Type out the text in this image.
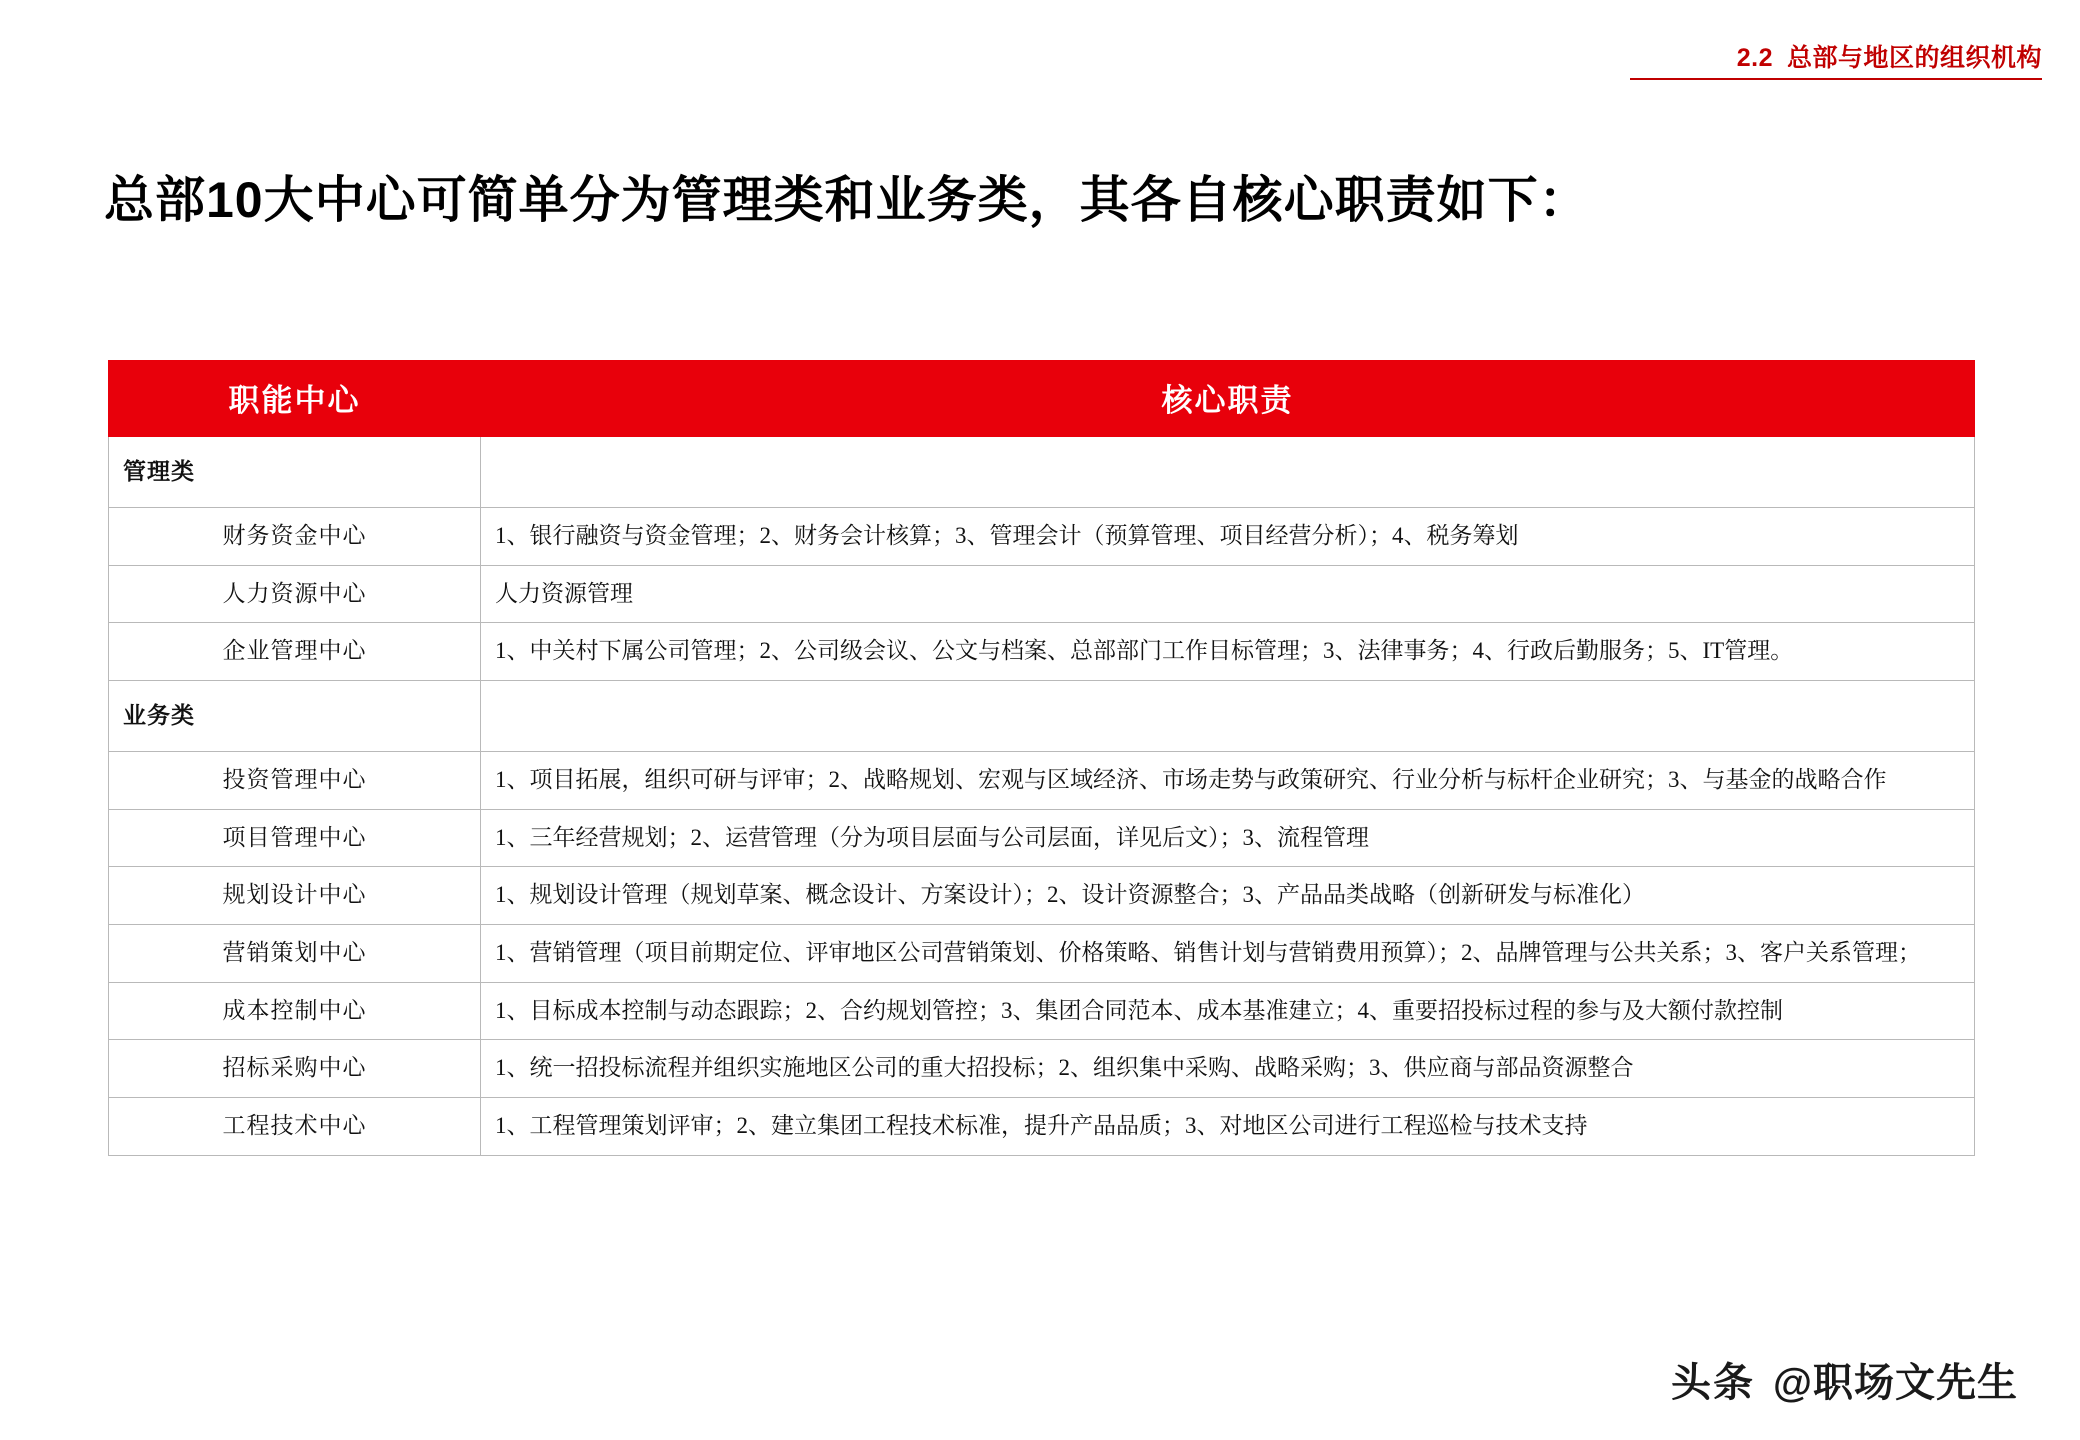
2.2 总部与地区的组织机构
总部10大中心可简单分为管理类和业务类，其各自核心职责如下：
职能中心	核心职责
管理类	
财务资金中心	1、银行融资与资金管理；2、财务会计核算；3、管理会计（预算管理、项目经营分析）；4、税务筹划
人力资源中心	人力资源管理
企业管理中心	1、中关村下属公司管理；2、公司级会议、公文与档案、总部部门工作目标管理；3、法律事务；4、行政后勤服务；5、IT管理。
业务类	
投资管理中心	1、项目拓展，组织可研与评审；2、战略规划、宏观与区域经济、市场走势与政策研究、行业分析与标杆企业研究；3、与基金的战略合作
项目管理中心	1、三年经营规划；2、运营管理（分为项目层面与公司层面，详见后文）；3、流程管理
规划设计中心	1、规划设计管理（规划草案、概念设计、方案设计）；2、设计资源整合；3、产品品类战略（创新研发与标准化）
营销策划中心	1、营销管理（项目前期定位、评审地区公司营销策划、价格策略、销售计划与营销费用预算）；2、品牌管理与公共关系；3、客户关系管理；
成本控制中心	1、目标成本控制与动态跟踪；2、合约规划管控；3、集团合同范本、成本基准建立；4、重要招投标过程的参与及大额付款控制
招标采购中心	1、统一招投标流程并组织实施地区公司的重大招投标；2、组织集中采购、战略采购；3、供应商与部品资源整合
工程技术中心	1、工程管理策划评审；2、建立集团工程技术标准，提升产品品质；3、对地区公司进行工程巡检与技术支持
头条 @职场文先生
